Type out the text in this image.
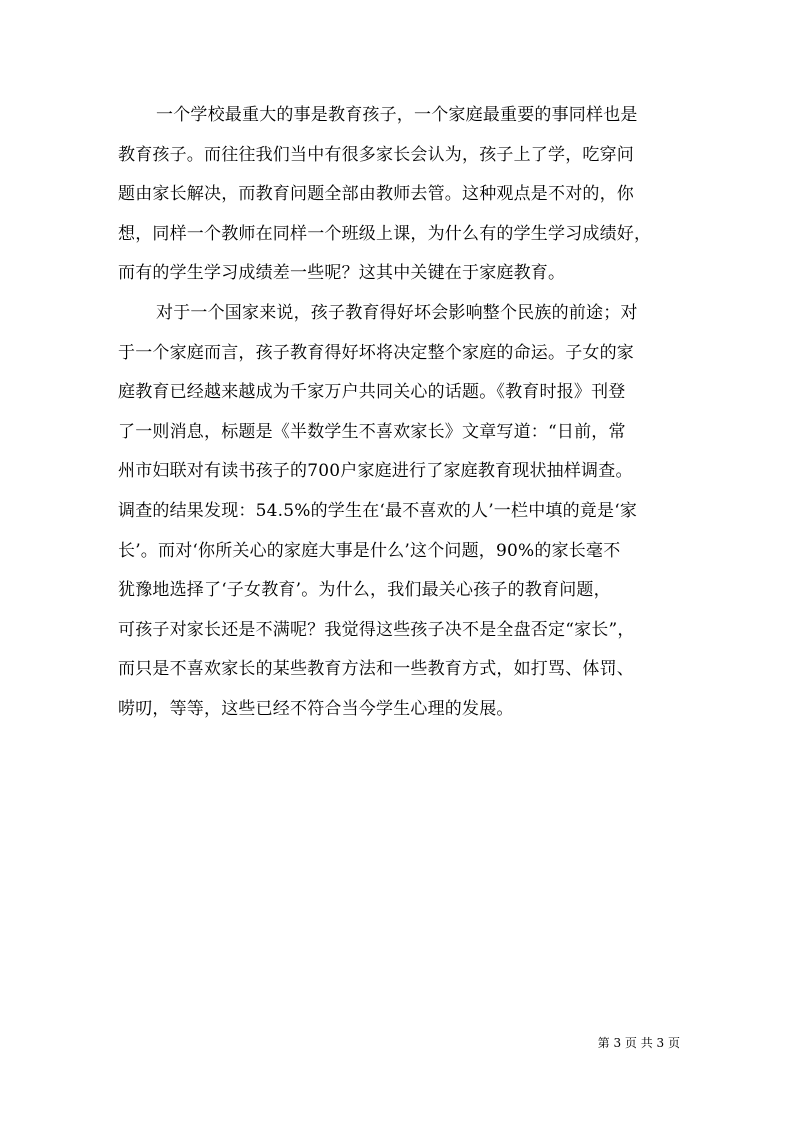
一个学校最重大的事是教育孩子，一个家庭最重要的事同样也是
教育孩子。而往往我们当中有很多家长会认为，孩子上了学，吃穿问
题由家长解决，而教育问题全部由教师去管。这种观点是不对的，你
想，同样一个教师在同样一个班级上课，为什么有的学生学习成绩好，
而有的学生学习成绩差一些呢？这其中关键在于家庭教育。
对于一个国家来说，孩子教育得好坏会影响整个民族的前途；对
于一个家庭而言，孩子教育得好坏将决定整个家庭的命运。子女的家
庭教育已经越来越成为千家万户共同关心的话题。《教育时报》刊登
了一则消息，标题是《半数学生不喜欢家长》文章写道：“日前，常
州市妇联对有读书孩子的700户家庭进行了家庭教育现状抽样调查。
调查的结果发现：54.5%的学生在‘最不喜欢的人’一栏中填的竟是‘家
长’。而对‘你所关心的家庭大事是什么’这个问题，90%的家长毫不
犹豫地选择了‘子女教育’。为什么，我们最关心孩子的教育问题，
可孩子对家长还是不满呢？我觉得这些孩子决不是全盘否定“家长”，
而只是不喜欢家长的某些教育方法和一些教育方式，如打骂、体罚、
唠叨，等等，这些已经不符合当今学生心理的发展。
第 3 页 共 3 页
